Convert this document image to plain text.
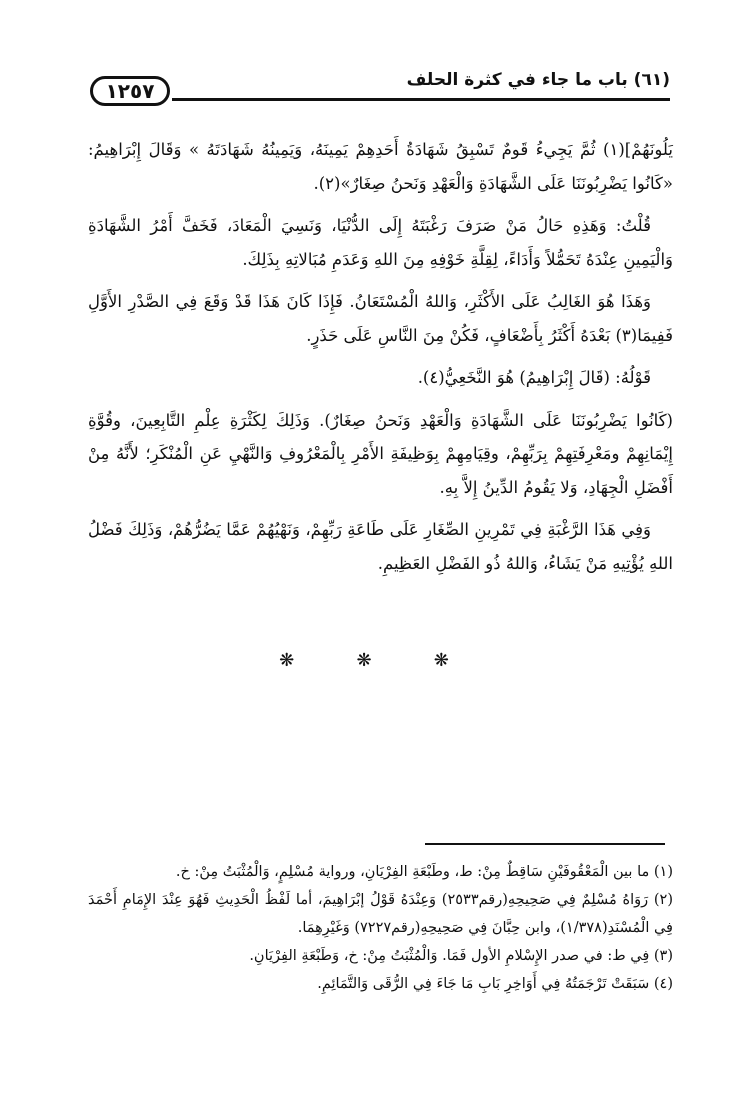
١٢٥٧	(٦١) باب ما جاء في كثرة الحلف

يَلُونَهُمْ](١) ثُمَّ يَجِيءُ قَومٌ تَسْبِقُ شَهَادَةُ أَحَدِهِمْ يَمِينَهُ، وَيَمِينُهُ شَهَادَتَهُ » وَقَالَ إِبْرَاهِيمُ: «كَانُوا يَضْرِبُونَنَا عَلَى الشَّهَادَةِ وَالْعَهْدِ وَنَحنُ صِغَارٌ»(٢).

قُلْتُ: وَهَذِهِ حَالُ مَنْ صَرَفَ رَغْبَتَهُ إِلَى الدُّنْيَا، وَنَسِيَ الْمَعَادَ، فَخَفَّ أَمْرُ الشَّهَادَةِ وَالْيَمِينِ عِنْدَهُ تَحَمُّلاً وَأَدَاءً، لِقِلَّةِ خَوْفِهِ مِنَ اللهِ وَعَدَمِ مُبَالاتِهِ بِذَلِكَ.

وَهَذَا هُوَ الغَالِبُ عَلَى الأَكْثَرِ، وَاللهُ الْمُسْتَعَانُ. فَإِذَا كَانَ هَذَا قَدْ وَقَعَ فِي الصَّدْرِ الأَوَّلِ فَفِيمَا(٣) بَعْدَهُ أَكْثَرُ بِأَضْعَافٍ، فَكُنْ مِنَ النَّاسِ عَلَى حَذَرٍ.

قَوْلُهُ: (قَالَ إِبْرَاهِيمُ) هُوَ النَّخَعِيُّ(٤).

(كَانُوا يَضْرِبُونَنَا عَلَى الشَّهَادَةِ وَالْعَهْدِ وَنَحنُ صِغَارٌ). وَذَلِكَ لِكَثْرَةِ عِلْمِ التَّابِعِينَ، وقُوَّةِ إِيْمَانِهِمْ ومَعْرِفَتِهِمْ بِرَبِّهِمْ، وقِيَامِهِمْ بِوَظِيفَةِ الأَمْرِ بِالْمَعْرُوفِ وَالنَّهْيِ عَنِ الْمُنْكَرِ؛ لأَنَّهُ مِنْ أَفْضَلِ الْجِهَادِ، وَلا يَقُومُ الدِّينُ إِلاَّ بِهِ.

وَفِي هَذَا الرَّغْبَةِ فِي تَمْرِينِ الصِّغَارِ عَلَى طَاعَةِ رَبِّهِمْ، وَنَهْيُهُمْ عَمَّا يَضُرُّهُمْ، وَذَلِكَ فَضْلُ اللهِ يُؤْتِيهِ مَنْ يَشَاءُ، وَاللهُ ذُو الفَضْلِ العَظِيمِ.

❋ ❋ ❋

(١) ما بين الْمَعْقُوفَيْنِ سَاقِطٌ مِنْ: ط، وطَبْعَةِ الفِرْيَانِ، ورواية مُسْلِمٍ، وَالْمُثْبَتُ مِنْ: خ.

(٢) رَوَاهُ مُسْلِمٌ فِي صَحِيحِهِ(رقم٢٥٣٣) وَعِنْدَهُ قَوْلُ إبْرَاهِيمَ، أما لَفْظُ الْحَدِيثِ فَهُوَ عِنْدَ الإِمَامِ أَحْمَدَ فِي الْمُسْنَدِ(١/٣٧٨)، وابن حِبَّانَ فِي صَحِيحِهِ(رقم٧٢٢٧) وَغَيْرِهِمَا.

(٣) فِي ط: في صدر الإِسْلامِ الأول فَمَا. وَالْمُثْبَتُ مِنْ: خ، وَطَبْعَةِ الفِرْيَانِ.

(٤) سَبَقَتْ تَرْجَمَتُهُ فِي أَوَاخِرِ بَابِ مَا جَاءَ فِي الرُّقَى وَالتَّمَائِمِ.
